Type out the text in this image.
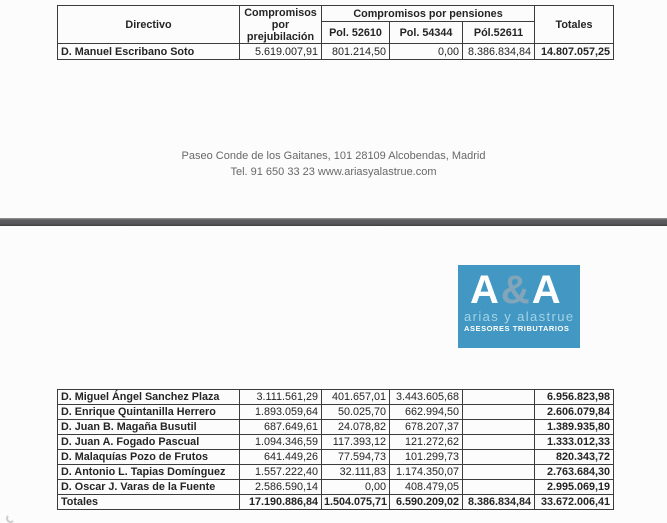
Directivo	Compromisos por prejubilación	Compromisos por pensiones			Totales
		Pol. 52610	Pol. 54344	Pól.52611	
D. Manuel Escribano Soto	5.619.007,91	801.214,50	0,00	8.386.834,84	14.807.057,25
Paseo Conde de los Gaitanes, 101 28109 Alcobendas, Madrid
Tel. 91 650 33 23 www.ariasyalastrue.com
A&A
arias y alastrue
ASESORES TRIBUTARIOS
D. Miguel Ángel Sanchez Plaza	3.111.561,29	401.657,01	3.443.605,68		6.956.823,98
D. Enrique Quintanilla Herrero	1.893.059,64	50.025,70	662.994,50		2.606.079,84
D. Juan B. Magaña Busutil	687.649,61	24.078,82	678.207,37		1.389.935,80
D. Juan A. Fogado Pascual	1.094.346,59	117.393,12	121.272,62		1.333.012,33
D. Malaquías Pozo de Frutos	641.449,26	77.594,73	101.299,73		820.343,72
D. Antonio L. Tapias Domínguez	1.557.222,40	32.111,83	1.174.350,07		2.763.684,30
D. Oscar J. Varas de la Fuente	2.586.590,14	0,00	408.479,05		2.995.069,19
Totales	17.190.886,84	1.504.075,71	6.590.209,02	8.386.834,84	33.672.006,41
